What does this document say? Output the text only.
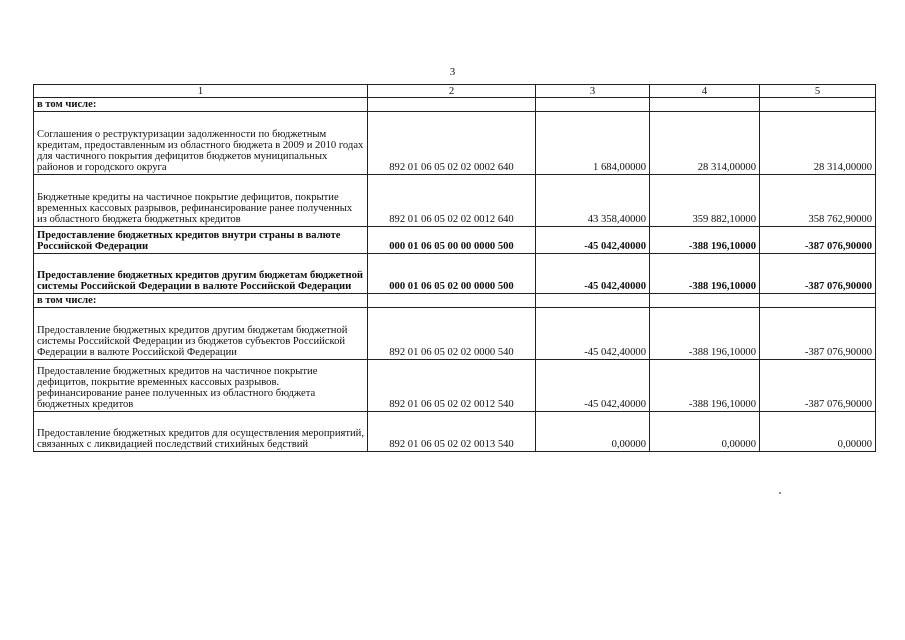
3
1	2	3	4	5
в том числе:				
Соглашения о реструктуризации задолженности по бюджетным кредитам, предоставленным из областного бюджета в 2009 и 2010 годах для частичного покрытия дефицитов бюджетов муниципальных районов и городского округа	892 01 06 05 02 02 0002 640	1 684,00000	28 314,00000	28 314,00000
Бюджетные кредиты на частичное покрытие дефицитов, покрытие временных кассовых разрывов, рефинансирование ранее полученных из областного бюджета бюджетных кредитов	892 01 06 05 02 02 0012 640	43 358,40000	359 882,10000	358 762,90000
Предоставление бюджетных кредитов внутри страны в валюте Российской Федерации	000 01 06 05 00 00 0000 500	-45 042,40000	-388 196,10000	-387 076,90000
Предоставление бюджетных кредитов другим бюджетам бюджетной системы Российской Федерации в валюте Российской Федерации	000 01 06 05 02 00 0000 500	-45 042,40000	-388 196,10000	-387 076,90000
в том числе:				
Предоставление бюджетных кредитов другим бюджетам бюджетной системы Российской Федерации из бюджетов субъектов Российской Федерации в валюте Российской Федерации	892 01 06 05 02 02 0000 540	-45 042,40000	-388 196,10000	-387 076,90000
Предоставление бюджетных кредитов на частичное покрытие дефицитов, покрытие временных кассовых разрывов. рефинансирование ранее полученных из областного бюджета бюджетных кредитов	892 01 06 05 02 02 0012 540	-45 042,40000	-388 196,10000	-387 076,90000
Предоставление бюджетных кредитов для осуществления мероприятий, связанных с ликвидацией последствий стихийных бедствий	892 01 06 05 02 02 0013 540	0,00000	0,00000	0,00000
